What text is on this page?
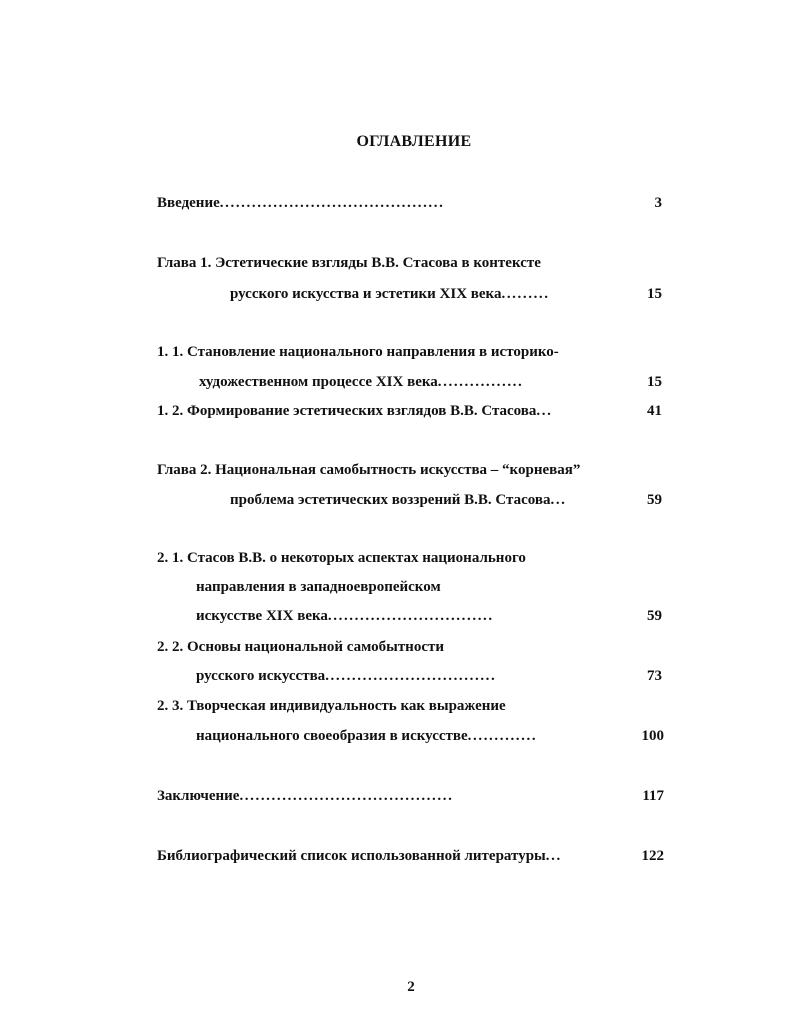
ОГЛАВЛЕНИЕ
Введение..........................................	3
Глава 1. Эстетические взгляды В.В. Стасова в контексте
русского искусства и эстетики XIX века.........	15
1. 1. Становление национального направления в историко-
художественном процессе XIX века................	15
1. 2. Формирование эстетических взглядов В.В. Стасова...	41
Глава 2. Национальная самобытность искусства – “корневая”
проблема эстетических воззрений В.В. Стасова...	59
2. 1. Стасов В.В. о некоторых аспектах национального
направления в западноевропейском
искусстве XIX века...............................	59
2. 2. Основы национальной самобытности
русского искусства................................	73
2. 3. Творческая индивидуальность как выражение
национального своеобразия в искусстве.............	100
Заключение........................................	117
Библиографический список использованной литературы...	122
2
